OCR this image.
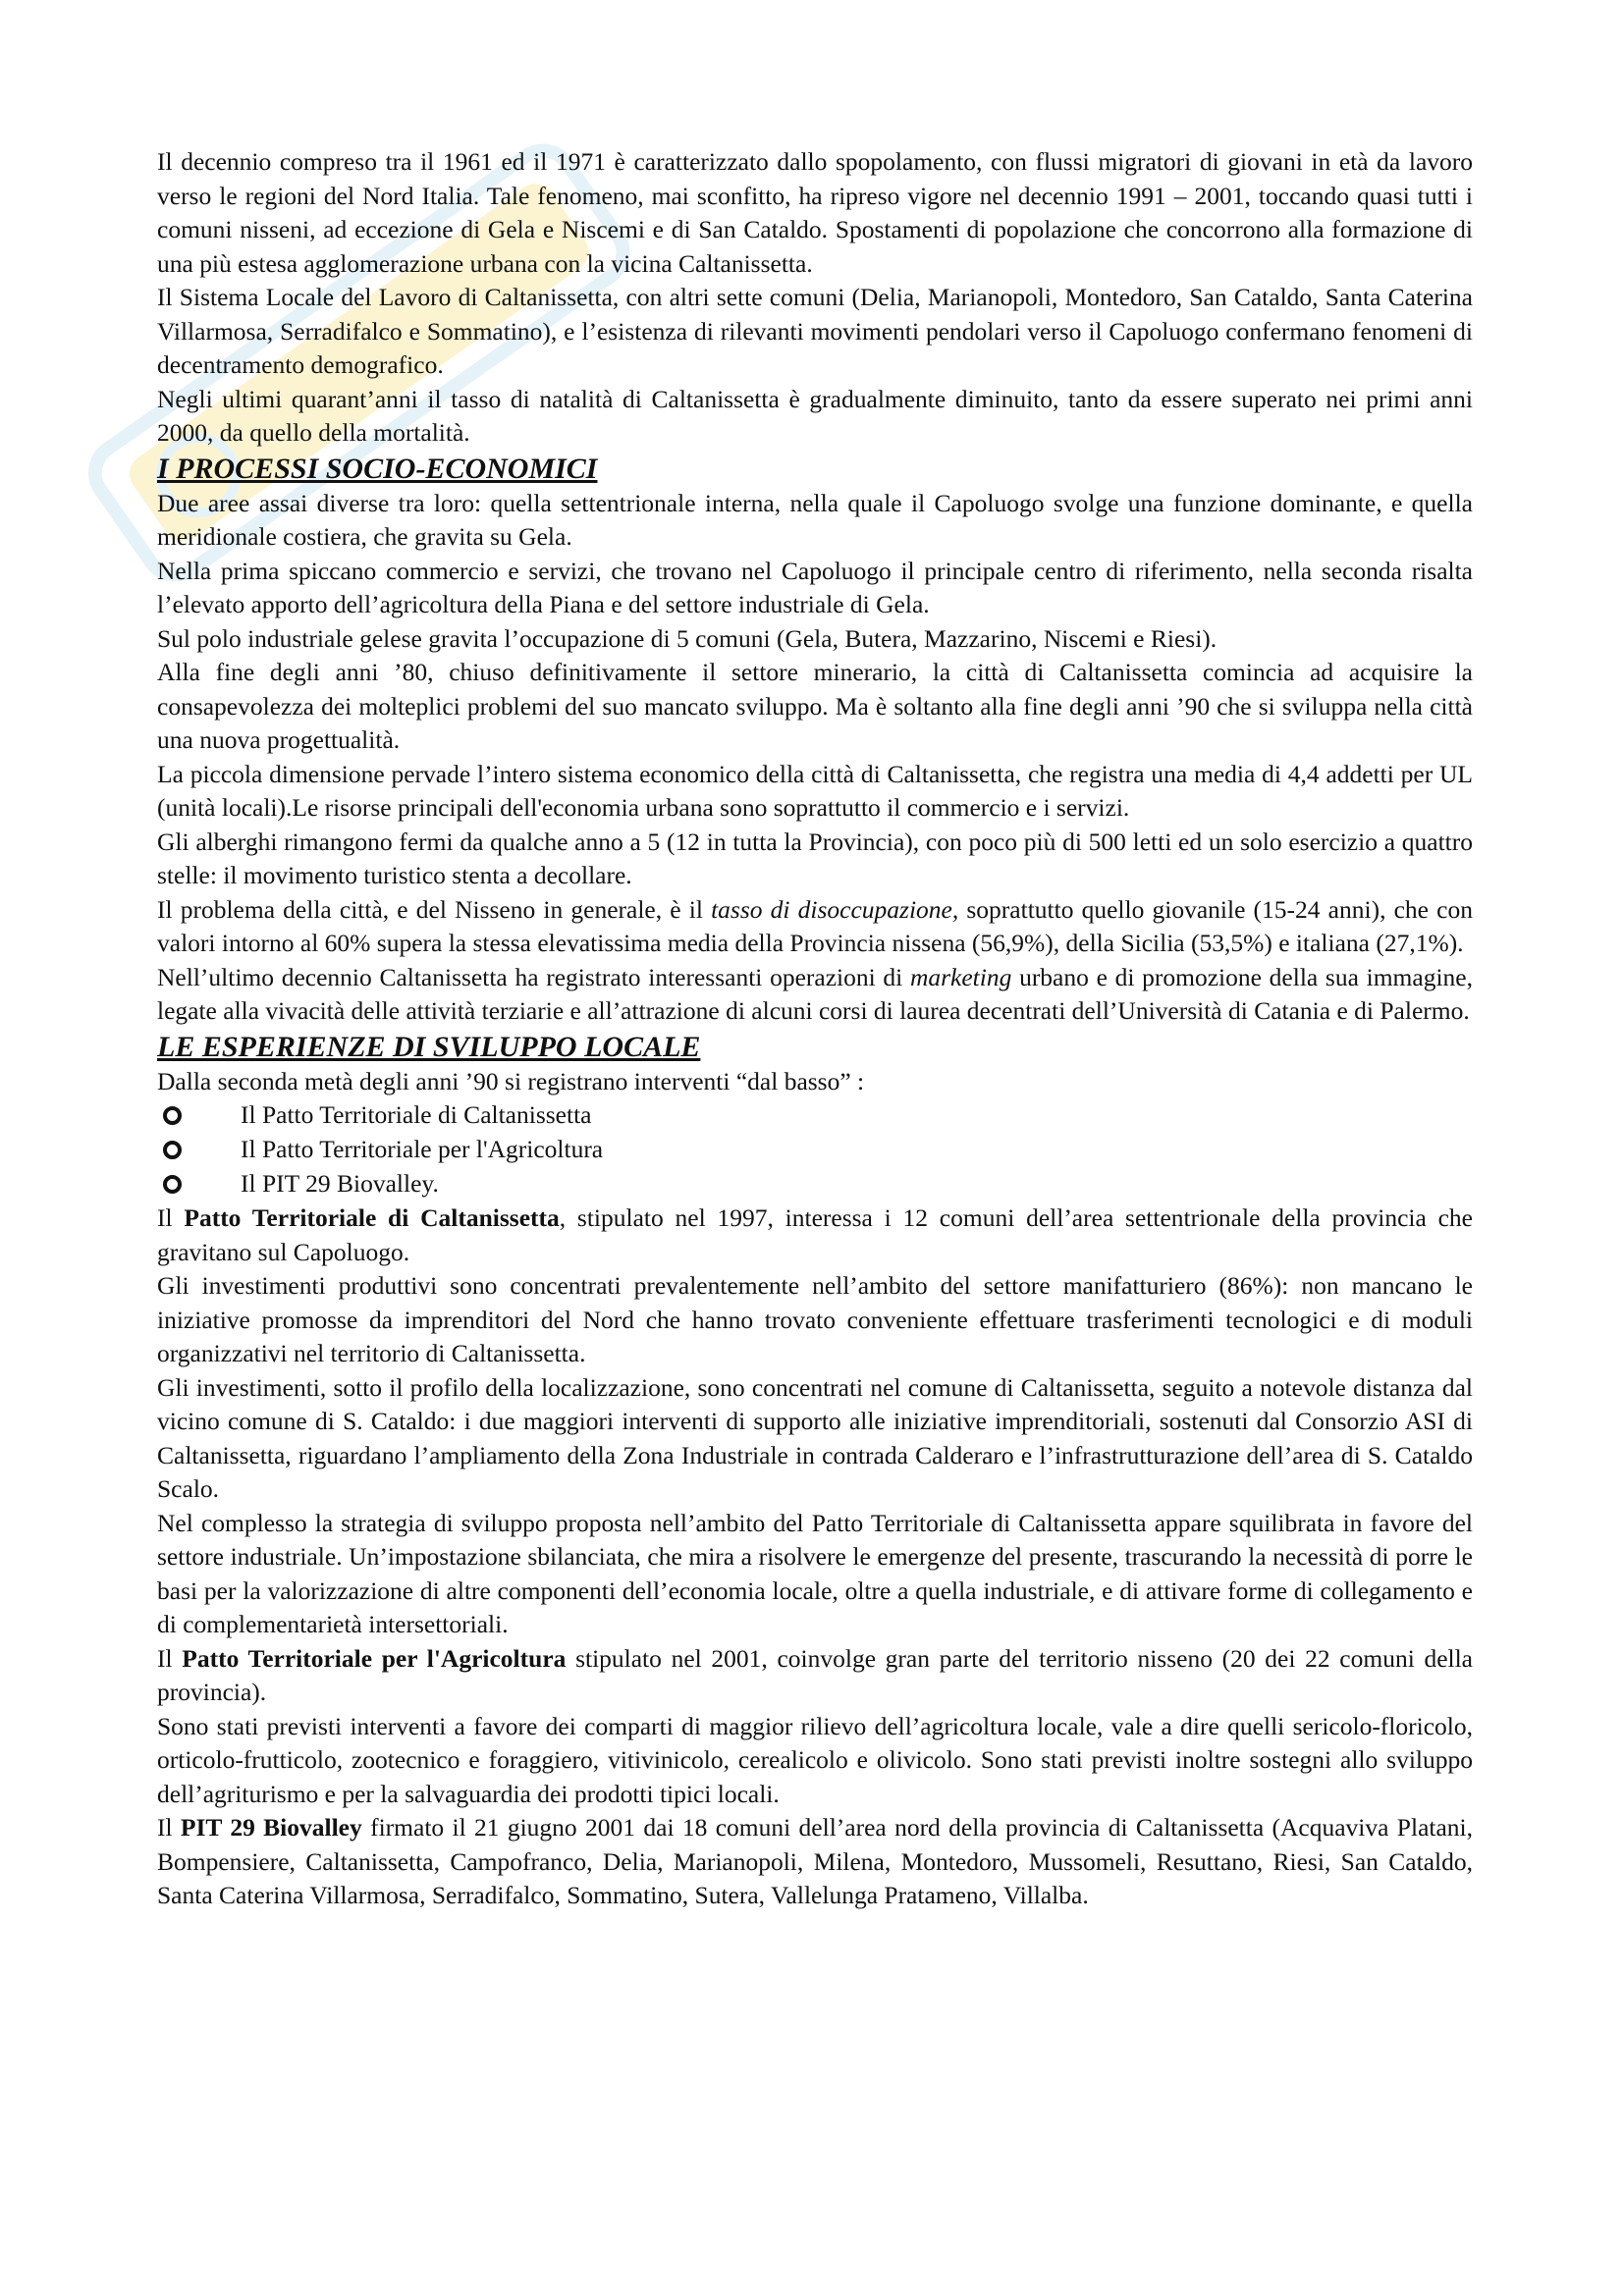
Il decennio compreso tra il 1961 ed il 1971 è caratterizzato dallo spopolamento, con flussi migratori di giovani in età da lavoro verso le regioni del Nord Italia. Tale fenomeno, mai sconfitto, ha ripreso vigore nel decennio 1991 – 2001, toccando quasi tutti i comuni nisseni, ad eccezione di Gela e Niscemi e di San Cataldo. Spostamenti di popolazione che concorrono alla formazione di una più estesa agglomerazione urbana con la vicina Caltanissetta.

Il Sistema Locale del Lavoro di Caltanissetta, con altri sette comuni (Delia, Marianopoli, Montedoro, San Cataldo, Santa Caterina Villarmosa, Serradifalco e Sommatino), e l’esistenza di rilevanti movimenti pendolari verso il Capoluogo confermano fenomeni di decentramento demografico.

Negli ultimi quarant’anni il tasso di natalità di Caltanissetta è gradualmente diminuito, tanto da essere superato nei primi anni 2000, da quello della mortalità.

I PROCESSI SOCIO-ECONOMICI

Due aree assai diverse tra loro: quella settentrionale interna, nella quale il Capoluogo svolge una funzione dominante, e quella meridionale costiera, che gravita su Gela.

Nella prima spiccano commercio e servizi, che trovano nel Capoluogo il principale centro di riferimento, nella seconda risalta l’elevato apporto dell’agricoltura della Piana e del settore industriale di Gela.

Sul polo industriale gelese gravita l’occupazione di 5 comuni (Gela, Butera, Mazzarino, Niscemi e Riesi).

Alla fine degli anni ’80, chiuso definitivamente il settore minerario, la città di Caltanissetta comincia ad acquisire la consapevolezza dei molteplici problemi del suo mancato sviluppo. Ma è soltanto alla fine degli anni ’90 che si sviluppa nella città una nuova progettualità.

La piccola dimensione pervade l’intero sistema economico della città di Caltanissetta, che registra una media di 4,4 addetti per UL (unità locali).Le risorse principali dell'economia urbana sono soprattutto il commercio e i servizi.

Gli alberghi rimangono fermi da qualche anno a 5 (12 in tutta la Provincia), con poco più di 500 letti ed un solo esercizio a quattro stelle: il movimento turistico stenta a decollare.

Il problema della città, e del Nisseno in generale, è il tasso di disoccupazione, soprattutto quello giovanile (15-24 anni), che con valori intorno al 60% supera la stessa elevatissima media della Provincia nissena (56,9%), della Sicilia (53,5%) e italiana (27,1%).

Nell’ultimo decennio Caltanissetta ha registrato interessanti operazioni di marketing urbano e di promozione della sua immagine, legate alla vivacità delle attività terziarie e all’attrazione di alcuni corsi di laurea decentrati dell’Università di Catania e di Palermo.

LE ESPERIENZE DI SVILUPPO LOCALE

Dalla seconda metà degli anni ’90 si registrano interventi “dal basso” :

Il Patto Territoriale di Caltanissetta
Il Patto Territoriale per l'Agricoltura
Il PIT 29 Biovalley.

Il Patto Territoriale di Caltanissetta, stipulato nel 1997, interessa i 12 comuni dell’area settentrionale della provincia che gravitano sul Capoluogo.

Gli investimenti produttivi sono concentrati prevalentemente nell’ambito del settore manifatturiero (86%): non mancano le iniziative promosse da imprenditori del Nord che hanno trovato conveniente effettuare trasferimenti tecnologici e di moduli organizzativi nel territorio di Caltanissetta.

Gli investimenti, sotto il profilo della localizzazione, sono concentrati nel comune di Caltanissetta, seguito a notevole distanza dal vicino comune di S. Cataldo: i due maggiori interventi di supporto alle iniziative imprenditoriali, sostenuti dal Consorzio ASI di Caltanissetta, riguardano l’ampliamento della Zona Industriale in contrada Calderaro e l’infrastrutturazione dell’area di S. Cataldo Scalo.

Nel complesso la strategia di sviluppo proposta nell’ambito del Patto Territoriale di Caltanissetta appare squilibrata in favore del settore industriale. Un’impostazione sbilanciata, che mira a risolvere le emergenze del presente, trascurando la necessità di porre le basi per la valorizzazione di altre componenti dell’economia locale, oltre a quella industriale, e di attivare forme di collegamento e di complementarietà intersettoriali.

Il Patto Territoriale per l'Agricoltura stipulato nel 2001, coinvolge gran parte del territorio nisseno (20 dei 22 comuni della provincia).

Sono stati previsti interventi a favore dei comparti di maggior rilievo dell’agricoltura locale, vale a dire quelli sericolo-floricolo, orticolo-frutticolo, zootecnico e foraggiero, vitivinicolo, cerealicolo e olivicolo. Sono stati previsti inoltre sostegni allo sviluppo dell’agriturismo e per la salvaguardia dei prodotti tipici locali.

Il PIT 29 Biovalley firmato il 21 giugno 2001 dai 18 comuni dell’area nord della provincia di Caltanissetta (Acquaviva Platani, Bompensiere, Caltanissetta, Campofranco, Delia, Marianopoli, Milena, Montedoro, Mussomeli, Resuttano, Riesi, San Cataldo, Santa Caterina Villarmosa, Serradifalco, Sommatino, Sutera, Vallelunga Pratameno, Villalba.
